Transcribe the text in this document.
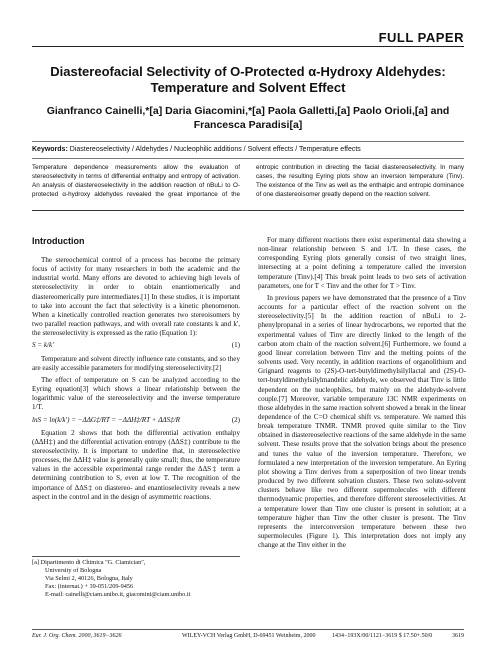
FULL PAPER
Diastereofacial Selectivity of O-Protected α-Hydroxy Aldehydes: Temperature and Solvent Effect
Gianfranco Cainelli,*[a] Daria Giacomini,*[a] Paola Galletti,[a] Paolo Orioli,[a] and Francesca Paradisi[a]
Keywords: Diastereoselectivity / Aldehydes / Nucleophilic additions / Solvent effects / Temperature effects
Temperature dependence measurements allow the evaluation of stereoselectivity in terms of differential enthalpy and entropy of activation. An analysis of diastereoselectivity in the addition reaction of nBuLi to O-protected α-hydroxy aldehydes revealed the great importance of the entropic contribution in directing the facial diastereoselectivity. In many cases, the resulting Eyring plots show an inversion temperature (Tinv). The existence of the Tinv as well as the enthalpic and entropic dominance of one diastereoisomer greatly depend on the reaction solvent.
Introduction

The stereochemical control of a process has become the primary focus of activity for many researchers in both the academic and the industrial world. Many efforts are devoted to achieving high levels of stereoselectivity in order to obtain enantiomerically and diastereomerically pure intermediates.[1] In these studies, it is important to take into account the fact that selectivity is a kinetic phenomenon. When a kinetically controlled reaction generates two stereoisomers by two parallel reaction pathways, and with overall rate constants k and k', the stereoselectivity is expressed as the ratio (Equation 1):

S = k/k'	(1)

Temperature and solvent directly influence rate constants, and so they are easily accessible parameters for modifying stereoselectivity.[2]

The effect of temperature on S can be analyzed according to the Eyring equation[3] which shows a linear relationship between the logarithmic value of the stereoselectivity and the inverse temperature 1/T.

lnS = ln(k/k') = −ΔΔG‡/RT = −ΔΔH‡/RT + ΔΔS‡/R	(2)

Equation 2 shows that both the differential activation enthalpy (ΔΔH‡) and the differential activation entropy (ΔΔS‡) contribute to the stereoselectivity. It is important to underline that, in stereoselective processes, the ΔΔH‡ value is generally quite small; thus, the temperature values in the accessible experimental range render the ΔΔS‡ term a determining contribution to S, even at low T. The recognition of the importance of ΔΔS‡ on diastereo- and enantioselectivity reveals a new aspect in the control and in the design of asymmetric reactions.

For many different reactions there exist experimental data showing a non-linear relationship between S and 1/T. In these cases, the corresponding Eyring plots generally consist of two straight lines, intersecting at a point defining a temperature called the inversion temperature (Tinv).[4] This break point leads to two sets of activation parameters, one for T < Tinv and the other for T > Tinv.

In previous papers we have demonstrated that the presence of a Tinv accounts for a particular effect of the reaction solvent on the stereoselectivity.[5] In the addition reaction of nBuLi to 2-phenylpropanal in a series of linear hydrocarbons, we reported that the experimental values of Tinv are directly linked to the length of the carbon atom chain of the reaction solvent.[6] Furthermore, we found a good linear correlation between Tinv and the melting points of the solvents used. Very recently, in addition reactions of organolithium and Grignard reagents to (2S)-O-tert-butyldimethylsilyllactal and (2S)-O-tert-butyldimethylsilylmandelic aldehyde, we observed that Tinv is little dependent on the nucleophiles, but mainly on the aldehyde-solvent couple.[7] Moreover, variable temperature 13C NMR experiments on those aldehydes in the same reaction solvent showed a break in the linear dependence of the C=O chemical shift vs. temperature. We named this break temperature TNMR. TNMR proved quite similar to the Tinv obtained in diastereoselective reactions of the same aldehyde in the same solvent. These results prove that the solvation brings about the presence and tunes the value of the inversion temperature. Therefore, we formulated a new interpretation of the inversion temperature. An Eyring plot showing a Tinv derives from a superposition of two linear trends produced by two different solvation clusters. These two solute-solvent clusters behave like two different supermolecules with different thermodynamic properties, and therefore different stereoselectivities. At a temperature lower than Tinv one cluster is present in solution; at a temperature higher than Tinv the other cluster is present. The Tinv represents the interconversion temperature between these two supermolecules (Figure 1). This interpretation does not imply any change at the Tinv either in the

[a] Dipartimento di Chimica "G. Ciamician",
University of Bologna
Via Selmi 2, 40126, Bologna, Italy
Fax: (internat.) + 39-051/209-9456
E-mail: cainelli@ciam.unibo.it, giacomini@ciam.unibo.it
Eur. J. Org. Chem. 2000, 3619−3626	WILEY-VCH Verlag GmbH, D-69451 Weinheim, 2000	1434−193X/00/1121−3619 $ 17.50+.50/0	3619
